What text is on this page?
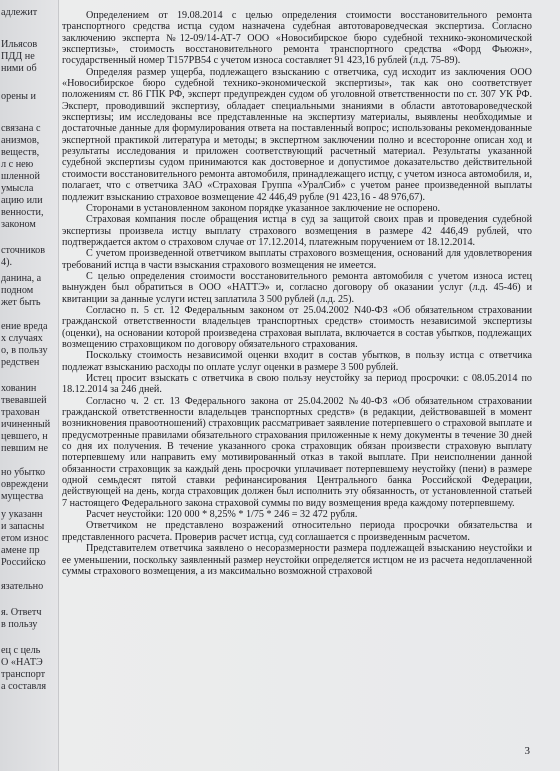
адлежит
Ильясов
ПДД не
ними об
орены и
связана с
анизмов,
веществ,
л с нею
шленной
умысла
ацию или
венности,
законом
сточников
4).
данина, а
подном
жет быть
ение вреда
х случаях
о, в пользу
редствен
хованин
твевавшей
трахован
ичиненный
цевшего, н
певшим не
но убытко
овреждени
мущества
у указанн
и запасны
етом износ
амене пр
Российско
язательно
я. Ответч
в пользу
ец с цель
О «НАТЭ
транспорт
а составля

Определением от 19.08.2014 с целью определения стоимости восстановительного ремонта транспортного средства истца судом назначена судебная автотовароведческая экспертиза. Согласно заключению эксперта №12-09/14-АТ-7 ООО «Новосибирское бюро судебной технико-экономической экспертизы», стоимость восстановительного ремонта транспортного средства «Форд Фьюжн», государственный номер Т157РВ54 с учетом износа составляет 91 423,16 рублей (л.д. 75-89).

Определяя размер ущерба, подлежащего взысканию с ответчика, суд исходит из заключения ООО «Новосибирское бюро судебной технико-экономической экспертизы», так как оно соответствует положениям ст. 86 ГПК РФ, эксперт предупрежден судом об уголовной ответственности по ст. 307 УК РФ. Эксперт, проводивший экспертизу, обладает специальными знаниями в области автотовароведческой экспертизы; им исследованы все представленные на экспертизу материалы, выявлены необходимые и достаточные данные для формулирования ответа на поставленный вопрос; использованы рекомендованные экспертной практикой литература и методы; в экспертном заключении полно и всесторонне описан ход и результаты исследования и приложен соответствующий расчетный материал. Результаты указанной судебной экспертизы судом принимаются как достоверное и допустимое доказательство действительной стоимости восстановительного ремонта автомобиля, принадлежащего истцу, с учетом износа автомобиля, и, полагает, что с ответчика ЗАО «Страховая Группа «УралСиб» с учетом ранее произведенной выплаты подлежит взысканию страховое возмещение 42 446,49 рубле (91 423,16 - 48 976,67).

Сторонами в установленном законом порядке указанное заключение не оспорено.

Страховая компания после обращения истца в суд за защитой своих прав и проведения судебной экспертизы произвела истцу выплату страхового возмещения в размере 42 446,49 рублей, что подтверждается актом о страховом случае от 17.12.2014, платежным поручением от 18.12.2014.

С учетом произведенной ответчиком выплаты страхового возмещения, оснований для удовлетворения требований истца в части взыскания страхового возмещения не имеется.

С целью определения стоимости восстановительного ремонта автомобиля с учетом износа истец вынужден был обратиться в ООО «НАТТЭ» и, согласно договору об оказании услуг (л.д. 45-46) и квитанции за данные услуги истец заплатила 3 500 рублей (л.д. 25).

Согласно п. 5 ст. 12 Федеральным законом от 25.04.2002 N40-ФЗ «Об обязательном страховании гражданской ответственности владельцев транспортных средств» стоимость независимой экспертизы (оценки), на основании которой произведена страховая выплата, включается в состав убытков, подлежащих возмещению страховщиком по договору обязательного страхования.

Поскольку стоимость независимой оценки входит в состав убытков, в пользу истца с ответчика подлежат взысканию расходы по оплате услуг оценки в размере 3 500 рублей.

Истец просит взыскать с ответчика в свою пользу неустойку за период просрочки: с 08.05.2014 по 18.12.2014 за 246 дней.

Согласно ч. 2 ст. 13 Федерального закона от 25.04.2002 №40-ФЗ «Об обязательном страховании гражданской ответственности владельцев транспортных средств» (в редакции, действовавшей в момент возникновения правоотношений) страховщик рассматривает заявление потерпевшего о страховой выплате и предусмотренные правилами обязательного страхования приложенные к нему документы в течение 30 дней со дня их получения. В течение указанного срока страховщик обязан произвести страховую выплату потерпевшему или направить ему мотивированный отказ в такой выплате. При неисполнении данной обязанности страховщик за каждый день просрочки уплачивает потерпевшему неустойку (пени) в размере одной семьдесят пятой ставки рефинансирования Центрального банка Российской Федерации, действующей на день, когда страховщик должен был исполнить эту обязанность, от установленной статьей 7 настоящего Федерального закона страховой суммы по виду возмещения вреда каждому потерпевшему.

Расчет неустойки: 120 000 * 8,25% * 1/75 * 246 = 32 472 рубля.

Ответчиком не представлено возражений относительно периода просрочки обязательства и представленного расчета. Проверив расчет истца, суд соглашается с произведенным расчетом.

Представителем ответчика заявлено о несоразмерности размера подлежащей взысканию неустойки и ее уменьшении, поскольку заявленный размер неустойки определяется истцом не из расчета недоплаченной суммы страхового возмещения, а из максимально возможной страховой

3
